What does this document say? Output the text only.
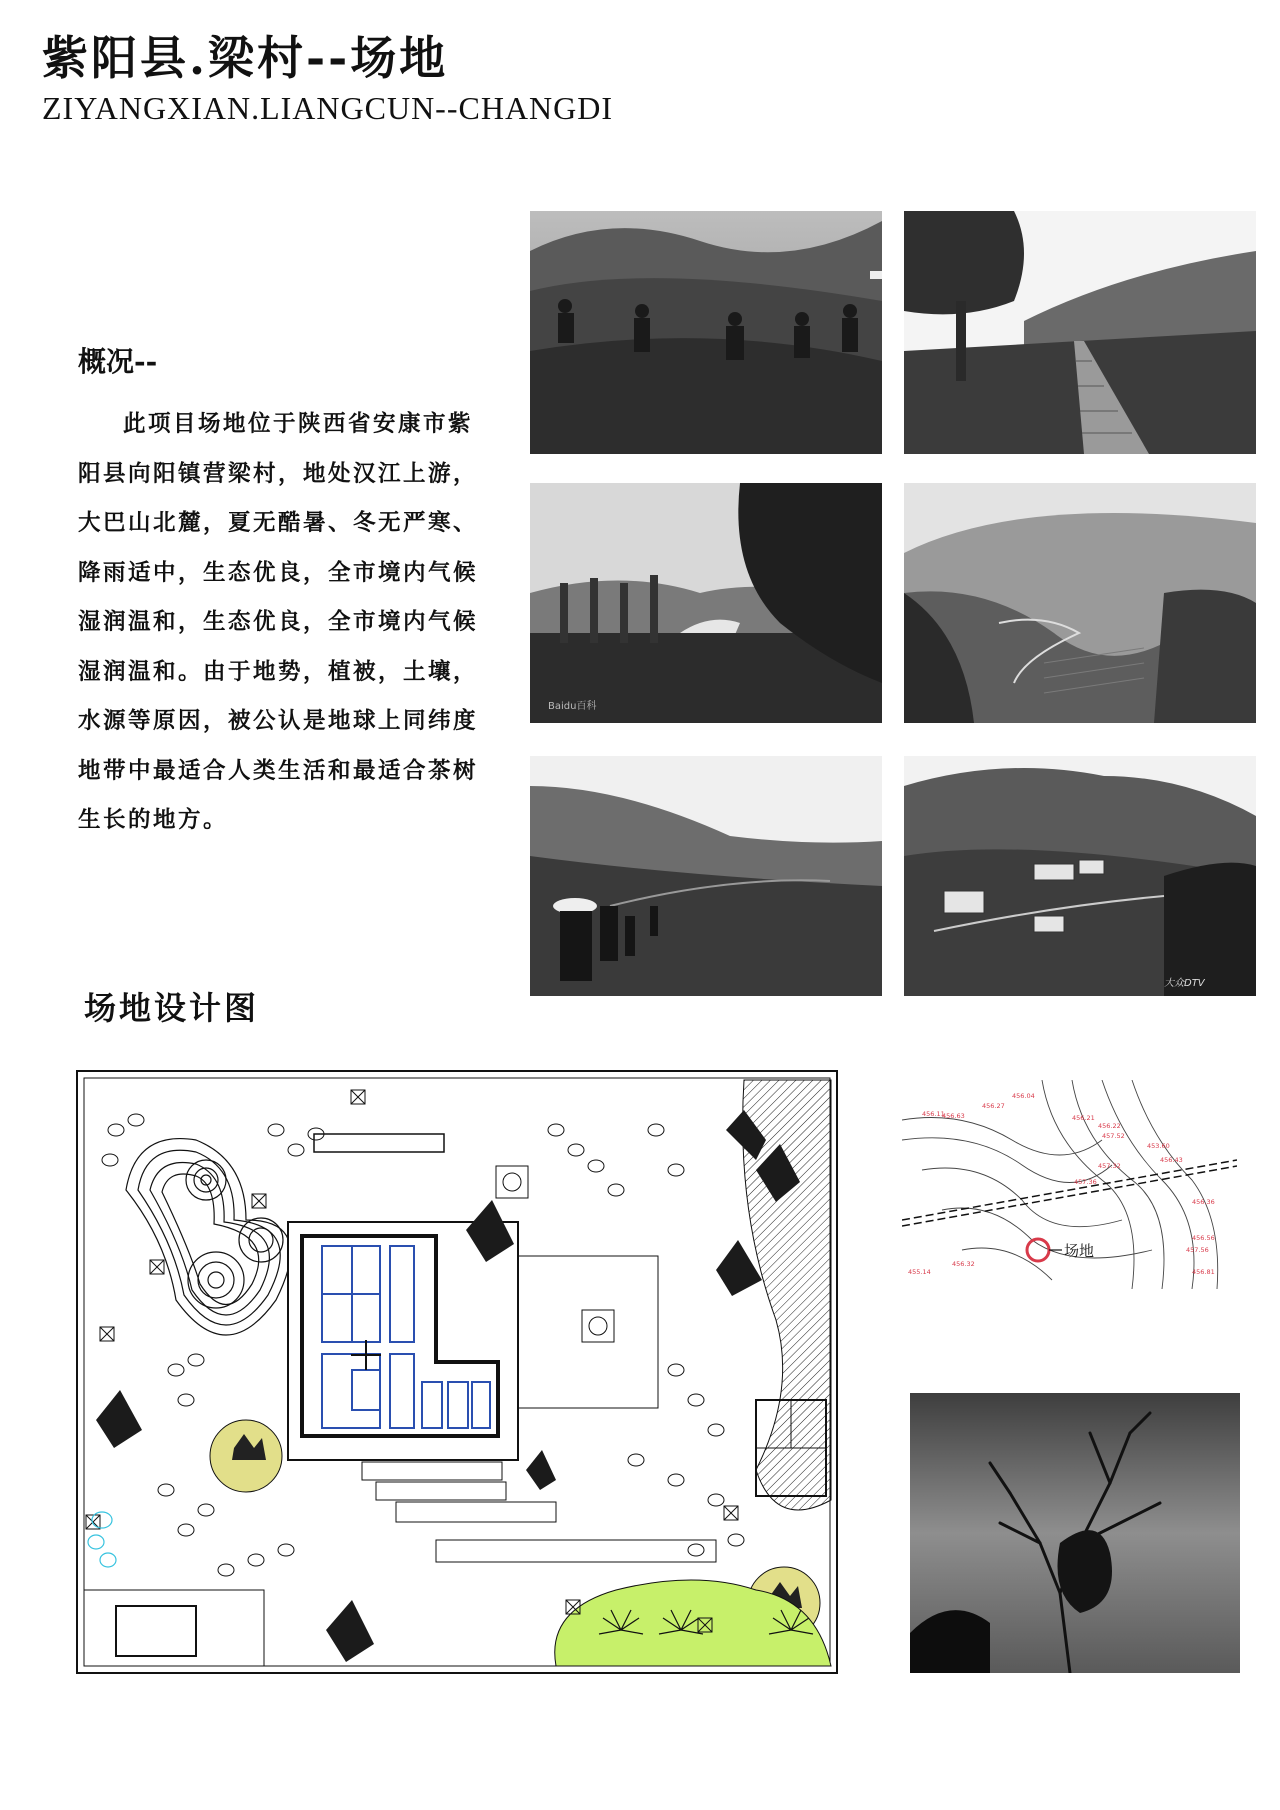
紫阳县.梁村--场地
ZIYANGXIAN.LIANGCUN--CHANGDI
概况--
此项目场地位于陕西省安康市紫阳县向阳镇营梁村，地处汉江上游，大巴山北麓，夏无酷暑、冬无严寒、降雨适中，生态优良，全市境内气候湿润温和，生态优良，全市境内气候湿润温和。由于地势，植被，土壤，水源等原因，被公认是地球上同纬度地带中最适合人类生活和最适合茶树生长的地方。
Baidu百科
大众DTV
场地设计图
场地
456.04
456.27
456.63
456.32
456.21
456.22
457.52
457.36
457.56
453.60
457.32
456.36
456.56
455.14	456.81
456.43
456.11
